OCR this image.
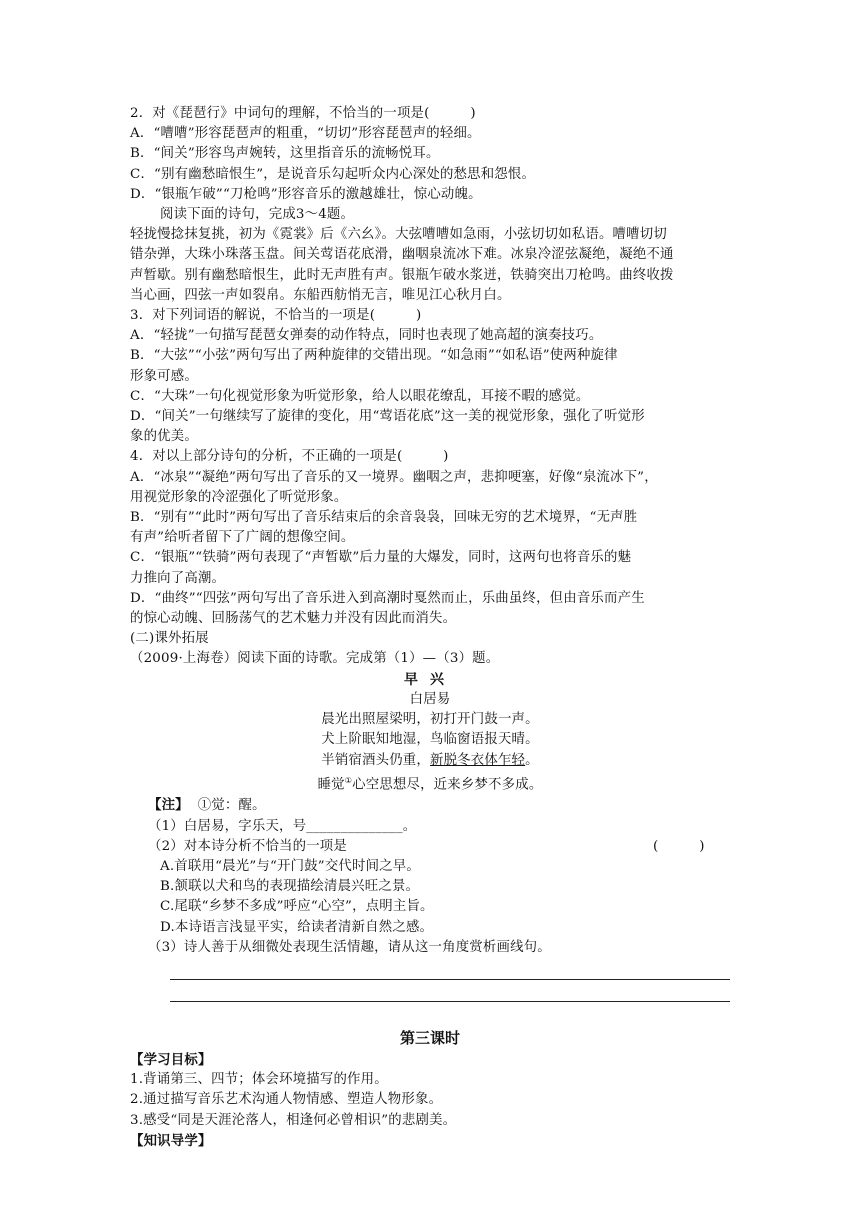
2．对《琵琶行》中词句的理解，不恰当的一项是(　　　)
A．“嘈嘈”形容琵琶声的粗重，“切切”形容琵琶声的轻细。
B．“间关”形容鸟声婉转，这里指音乐的流畅悦耳。
C．“别有幽愁暗恨生”，是说音乐勾起听众内心深处的愁思和怨恨。
D．“银瓶乍破”“刀枪鸣”形容音乐的激越雄壮，惊心动魄。
阅读下面的诗句，完成3～4题。
轻拢慢捻抹复挑，初为《霓裳》后《六幺》。大弦嘈嘈如急雨，小弦切切如私语。嘈嘈切切
错杂弹，大珠小珠落玉盘。间关莺语花底滑，幽咽泉流冰下难。冰泉冷涩弦凝绝，凝绝不通
声暂歇。别有幽愁暗恨生，此时无声胜有声。银瓶乍破水浆迸，铁骑突出刀枪鸣。曲终收拨
当心画，四弦一声如裂帛。东船西舫悄无言，唯见江心秋月白。
3．对下列词语的解说，不恰当的一项是(　　　)
A．“轻拢”一句描写琵琶女弹奏的动作特点，同时也表现了她高超的演奏技巧。
B．“大弦”“小弦”两句写出了两种旋律的交错出现。“如急雨”“如私语”使两种旋律
形象可感。
C．“大珠”一句化视觉形象为听觉形象，给人以眼花缭乱，耳接不暇的感觉。
D．“间关”一句继续写了旋律的变化，用“莺语花底”这一美的视觉形象，强化了听觉形
象的优美。
4．对以上部分诗句的分析，不正确的一项是(　　　)
A．“冰泉”“凝绝”两句写出了音乐的又一境界。幽咽之声，悲抑哽塞，好像“泉流冰下”，
用视觉形象的冷涩强化了听觉形象。
B．“别有”“此时”两句写出了音乐结束后的余音袅袅，回味无穷的艺术境界，“无声胜
有声”给听者留下了广阔的想像空间。
C．“银瓶”“铁骑”两句表现了“声暂歇”后力量的大爆发，同时，这两句也将音乐的魅
力推向了高潮。
D．“曲终”“四弦”两句写出了音乐进入到高潮时戛然而止，乐曲虽终，但由音乐而产生
的惊心动魄、回肠荡气的艺术魅力并没有因此而消失。
(二)课外拓展
（2009·上海卷）阅读下面的诗歌。完成第（1）—（3）题。
早兴
白居易
晨光出照屋梁明，初打开门鼓一声。
犬上阶眠知地湿，鸟临窗语报天晴。
半销宿酒头仍重，新脱冬衣体乍轻。
睡觉①心空思想尽，近来乡梦不多成。
【注】 ①觉：醒。
（1）白居易，字乐天，号______________。
（2）对本诗分析不恰当的一项是	(　　　)
A.首联用“晨光”与“开门鼓”交代时间之早。
B.颔联以犬和鸟的表现描绘清晨兴旺之景。
C.尾联“乡梦不多成”呼应“心空”，点明主旨。
D.本诗语言浅显平实，给读者清新自然之感。
（3）诗人善于从细微处表现生活情趣，请从这一角度赏析画线句。
第三课时
【学习目标】
1.背诵第三、四节；体会环境描写的作用。
2.通过描写音乐艺术沟通人物情感、塑造人物形象。
3.感受“同是天涯沦落人，相逢何必曾相识”的悲剧美。
【知识导学】
